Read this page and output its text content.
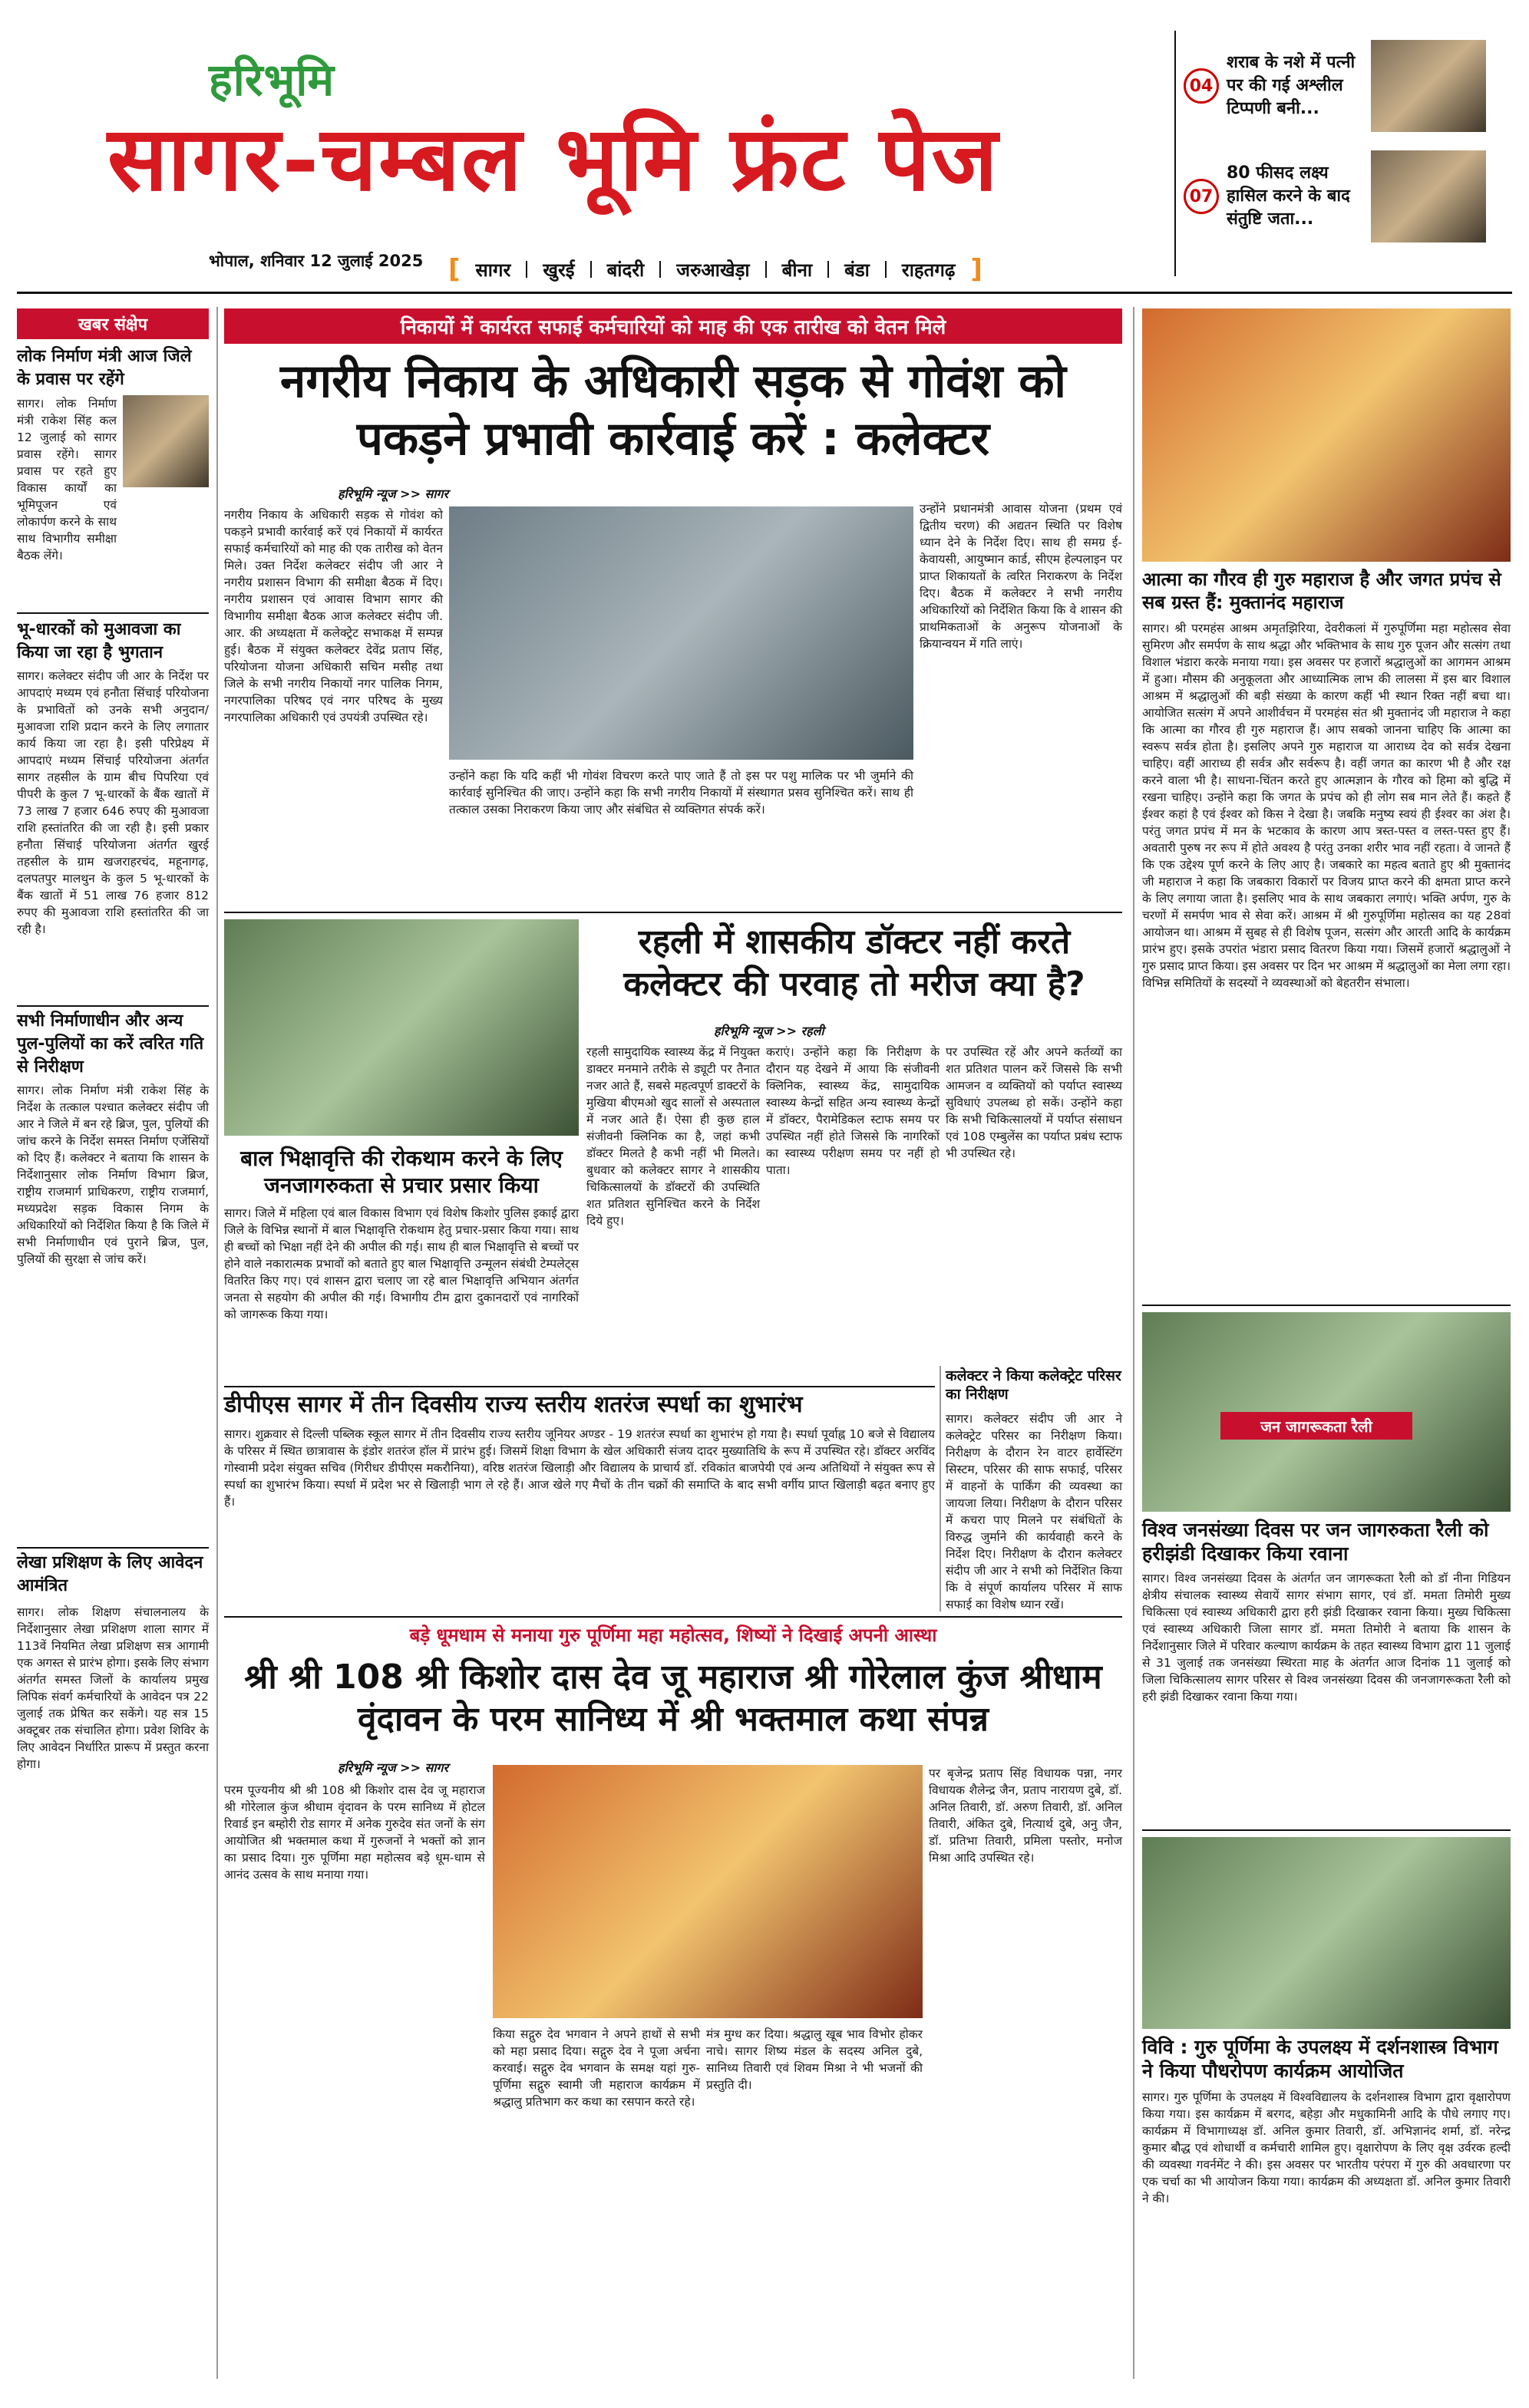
हरिभूमि
सागर-चम्बल भूमि फ्रंट पेज
भोपाल, शनिवार 12 जुलाई 2025 [ सागर खुरई बांदरी जरुआखेड़ा बीना बंडा राहतगढ़ ]
04
शराब के नशे में पत्नी पर की गई अश्लील टिप्पणी बनी...
07
80 फीसद लक्ष्य हासिल करने के बाद संतुष्टि जता...
खबर संक्षेप
लोक निर्माण मंत्री आज जिले के प्रवास पर रहेंगे
सागर। लोक निर्माण मंत्री राकेश सिंह कल 12 जुलाई को सागर प्रवास रहेंगे। सागर प्रवास पर रहते हुए विकास कार्यों का भूमिपूजन एवं लोकार्पण करने के साथ साथ विभागीय समीक्षा बैठक लेंगे।
भू-धारकों को मुआवजा का किया जा रहा है भुगतान
सागर। कलेक्टर संदीप जी आर के निर्देश पर आपदाएं मध्यम एवं हनौता सिंचाई परियोजना के प्रभावितों को उनके सभी अनुदान/मुआवजा राशि प्रदान करने के लिए लगातार कार्य किया जा रहा है। इसी परिप्रेक्ष्य में आपदाएं मध्यम सिंचाई परियोजना अंतर्गत सागर तहसील के ग्राम बीच पिपरिया एवं पीपरी के कुल 7 भू-धारकों के बैंक खातों में 73 लाख 7 हजार 646 रुपए की मुआवजा राशि हस्तांतरित की जा रही है। इसी प्रकार हनौता सिंचाई परियोजना अंतर्गत खुरई तहसील के ग्राम खजराहरचंद, महूनागढ़, दलपतपुर मालथुन के कुल 5 भू-धारकों के बैंक खातों में 51 लाख 76 हजार 812 रुपए की मुआवजा राशि हस्तांतरित की जा रही है।
सभी निर्माणाधीन और अन्य पुल-पुलियों का करें त्वरित गति से निरीक्षण
सागर। लोक निर्माण मंत्री राकेश सिंह के निर्देश के तत्काल पश्चात कलेक्टर संदीप जी आर ने जिले में बन रहे ब्रिज, पुल, पुलियों की जांच करने के निर्देश समस्त निर्माण एजेंसियों को दिए हैं। कलेक्टर ने बताया कि शासन के निर्देशानुसार लोक निर्माण विभाग ब्रिज, राष्ट्रीय राजमार्ग प्राधिकरण, राष्ट्रीय राजमार्ग, मध्यप्रदेश सड़क विकास निगम के अधिकारियों को निर्देशित किया है कि जिले में सभी निर्माणाधीन एवं पुराने ब्रिज, पुल, पुलियों की सुरक्षा से जांच करें।
लेखा प्रशिक्षण के लिए आवेदन आमंत्रित
सागर। लोक शिक्षण संचालनालय के निर्देशानुसार लेखा प्रशिक्षण शाला सागर में 113वें नियमित लेखा प्रशिक्षण सत्र आगामी एक अगस्त से प्रारंभ होगा। इसके लिए संभाग अंतर्गत समस्त जिलों के कार्यालय प्रमुख लिपिक संवर्ग कर्मचारियों के आवेदन पत्र 22 जुलाई तक प्रेषित कर सकेंगे। यह सत्र 15 अक्टूबर तक संचालित होगा। प्रवेश शिविर के लिए आवेदन निर्धारित प्रारूप में प्रस्तुत करना होगा।
निकायों में कार्यरत सफाई कर्मचारियों को माह की एक तारीख को वेतन मिले
नगरीय निकाय के अधिकारी सड़क से गोवंश को पकड़ने प्रभावी कार्रवाई करें : कलेक्टर
हरिभूमि न्यूज >> सागर
नगरीय निकाय के अधिकारी सड़क से गोवंश को पकड़ने प्रभावी कार्रवाई करें एवं निकायों में कार्यरत सफाई कर्मचारियों को माह की एक तारीख को वेतन मिले। उक्त निर्देश कलेक्टर संदीप जी आर ने नगरीय प्रशासन विभाग की समीक्षा बैठक में दिए। नगरीय प्रशासन एवं आवास विभाग सागर की विभागीय समीक्षा बैठक आज कलेक्टर संदीप जी. आर. की अध्यक्षता में कलेक्ट्रेट सभाकक्ष में सम्पन्न हुई। बैठक में संयुक्त कलेक्टर देवेंद्र प्रताप सिंह, परियोजना योजना अधिकारी सचिन मसीह तथा जिले के सभी नगरीय निकायों नगर पालिक निगम, नगरपालिका परिषद एवं नगर परिषद के मुख्य नगरपालिका अधिकारी एवं उपयंत्री उपस्थित रहे।
उन्होंने कहा कि यदि कहीं भी गोवंश विचरण करते पाए जाते हैं तो इस पर पशु मालिक पर भी जुर्माने की कार्रवाई सुनिश्चित की जाए। उन्होंने कहा कि सभी नगरीय निकायों में संस्थागत प्रसव सुनिश्चित करें। साथ ही तत्काल उसका निराकरण किया जाए और संबंधित से व्यक्तिगत संपर्क करें।
उन्होंने प्रधानमंत्री आवास योजना (प्रथम एवं द्वितीय चरण) की अद्यतन स्थिति पर विशेष ध्यान देने के निर्देश दिए। साथ ही समग्र ई-केवायसी, आयुष्मान कार्ड, सीएम हेल्पलाइन पर प्राप्त शिकायतों के त्वरित निराकरण के निर्देश दिए। बैठक में कलेक्टर ने सभी नगरीय अधिकारियों को निर्देशित किया कि वे शासन की प्राथमिकताओं के अनुरूप योजनाओं के क्रियान्वयन में गति लाएं।
आत्मा का गौरव ही गुरु महाराज है और जगत प्रपंच से सब ग्रस्त हैं: मुक्तानंद महाराज
सागर। श्री परमहंस आश्रम अमृतझिरिया, देवरीकलां में गुरुपूर्णिमा महा महोत्सव सेवा सुमिरण और समर्पण के साथ श्रद्धा और भक्तिभाव के साथ गुरु पूजन और सत्संग तथा विशाल भंडारा करके मनाया गया। इस अवसर पर हजारों श्रद्धालुओं का आगमन आश्रम में हुआ। मौसम की अनुकूलता और आध्यात्मिक लाभ की लालसा में इस बार विशाल आश्रम में श्रद्धालुओं की बड़ी संख्या के कारण कहीं भी स्थान रिक्त नहीं बचा था। आयोजित सत्संग में अपने आशीर्वचन में परमहंस संत श्री मुक्तानंद जी महाराज ने कहा कि आत्मा का गौरव ही गुरु महाराज हैं। आप सबको जानना चाहिए कि आत्मा का स्वरूप सर्वत्र होता है। इसलिए अपने गुरु महाराज या आराध्य देव को सर्वत्र देखना चाहिए। वहीं आराध्य ही सर्वत्र और सर्वरूप है। वहीं जगत का कारण भी है और रक्ष करने वाला भी है। साधना-चिंतन करते हुए आत्मज्ञान के गौरव को हिमा को बुद्धि में रखना चाहिए। उन्होंने कहा कि जगत के प्रपंच को ही लोग सब मान लेते हैं। कहते हैं ईश्वर कहां है एवं ईश्वर को किस ने देखा है। जबकि मनुष्य स्वयं ही ईश्वर का अंश है। परंतु जगत प्रपंच में मन के भटकाव के कारण आप त्रस्त-पस्त व लस्त-पस्त हुए हैं। अवतारी पुरुष नर रूप में होते अवश्य है परंतु उनका शरीर भाव नहीं रहता। वे जानते हैं कि एक उद्देश्य पूर्ण करने के लिए आए है। जबकारे का महत्व बताते हुए श्री मुक्तानंद जी महाराज ने कहा कि जबकारा विकारों पर विजय प्राप्त करने की क्षमता प्राप्त करने के लिए लगाया जाता है। इसलिए भाव के साथ जबकारा लगाएं। भक्ति अर्पण, गुरु के चरणों में समर्पण भाव से सेवा करें। आश्रम में श्री गुरुपूर्णिमा महोत्सव का यह 28वां आयोजन था। आश्रम में सुबह से ही विशेष पूजन, सत्संग और आरती आदि के कार्यक्रम प्रारंभ हुए। इसके उपरांत भंडारा प्रसाद वितरण किया गया। जिसमें हजारों श्रद्धालुओं ने गुरु प्रसाद प्राप्त किया। इस अवसर पर दिन भर आश्रम में श्रद्धालुओं का मेला लगा रहा। विभिन्न समितियों के सदस्यों ने व्यवस्थाओं को बेहतरीन संभाला।
बाल भिक्षावृत्ति की रोकथाम करने के लिए जनजागरुकता से प्रचार प्रसार किया
सागर। जिले में महिला एवं बाल विकास विभाग एवं विशेष किशोर पुलिस इकाई द्वारा जिले के विभिन्न स्थानों में बाल भिक्षावृत्ति रोकथाम हेतु प्रचार-प्रसार किया गया। साथ ही बच्चों को भिक्षा नहीं देने की अपील की गई। साथ ही बाल भिक्षावृत्ति से बच्चों पर होने वाले नकारात्मक प्रभावों को बताते हुए बाल भिक्षावृत्ति उन्मूलन संबंधी टेम्पलेट्स वितरित किए गए। एवं शासन द्वारा चलाए जा रहे बाल भिक्षावृत्ति अभियान अंतर्गत जनता से सहयोग की अपील की गई। विभागीय टीम द्वारा दुकानदारों एवं नागरिकों को जागरूक किया गया।
रहली में शासकीय डॉक्टर नहीं करते कलेक्टर की परवाह तो मरीज क्या है?
हरिभूमि न्यूज >> रहली
रहली सामुदायिक स्वास्थ्य केंद्र में नियुक्त डाक्टर मनमाने तरीके से ड्यूटी पर तैनात नजर आते हैं, सबसे महत्वपूर्ण डाक्टरों के मुखिया बीएमओ खुद सालों से अस्पताल में नजर आते हैं। ऐसा ही कुछ हाल संजीवनी क्लिनिक का है, जहां कभी डॉक्टर मिलते है कभी नहीं भी मिलते। बुधवार को कलेक्टर सागर ने शासकीय चिकित्सालयों के डॉक्टरों की उपस्थिति शत प्रतिशत सुनिश्चित करने के निर्देश दिये हुए।
कराएं। उन्होंने कहा कि निरीक्षण के दौरान यह देखने में आया कि संजीवनी क्लिनिक, स्वास्थ्य केंद्र, सामुदायिक स्वास्थ्य केन्द्रों सहित अन्य स्वास्थ्य केन्द्रों में डॉक्टर, पैरामेडिकल स्टाफ समय पर उपस्थित नहीं होते जिससे कि नागरिकों का स्वास्थ्य परीक्षण समय पर नहीं हो पाता।
पर उपस्थित रहें और अपने कर्तव्यों का शत प्रतिशत पालन करें जिससे कि सभी आमजन व व्यक्तियों को पर्याप्त स्वास्थ्य सुविधाएं उपलब्ध हो सकें। उन्होंने कहा कि सभी चिकित्सालयों में पर्याप्त संसाधन एवं 108 एम्बुलेंस का पर्याप्त प्रबंध स्टाफ भी उपस्थित रहे।
डीपीएस सागर में तीन दिवसीय राज्य स्तरीय शतरंज स्पर्धा का शुभारंभ
सागर। शुक्रवार से दिल्ली पब्लिक स्कूल सागर में तीन दिवसीय राज्य स्तरीय जूनियर अण्डर - 19 शतरंज स्पर्धा का शुभारंभ हो गया है। स्पर्धा पूर्वाह्न 10 बजे से विद्यालय के परिसर में स्थित छात्रावास के इंडोर शतरंज हॉल में प्रारंभ हुई। जिसमें शिक्षा विभाग के खेल अधिकारी संजय दादर मुख्यातिथि के रूप में उपस्थित रहे। डॉक्टर अरविंद गोस्वामी प्रदेश संयुक्त सचिव (गिरीधर डीपीएस मकरौनिया), वरिष्ठ शतरंज खिलाड़ी और विद्यालय के प्राचार्य डॉ. रविकांत बाजपेयी एवं अन्य अतिथियों ने संयुक्त रूप से स्पर्धा का शुभारंभ किया। स्पर्धा में प्रदेश भर से खिलाड़ी भाग ले रहे हैं। आज खेले गए मैचों के तीन चक्रों की समाप्ति के बाद सभी वर्गीय प्राप्त खिलाड़ी बढ़त बनाए हुए हैं।
कलेक्टर ने किया कलेक्ट्रेट परिसर का निरीक्षण
सागर। कलेक्टर संदीप जी आर ने कलेक्ट्रेट परिसर का निरीक्षण किया। निरीक्षण के दौरान रेन वाटर हार्वेस्टिंग सिस्टम, परिसर की साफ सफाई, परिसर में वाहनों के पार्किंग की व्यवस्था का जायजा लिया। निरीक्षण के दौरान परिसर में कचरा पाए मिलने पर संबंधितों के विरुद्ध जुर्माने की कार्यवाही करने के निर्देश दिए। निरीक्षण के दौरान कलेक्टर संदीप जी आर ने सभी को निर्देशित किया कि वे संपूर्ण कार्यालय परिसर में साफ सफाई का विशेष ध्यान रखें।
जन जागरूकता रैली
विश्व जनसंख्या दिवस पर जन जागरुकता रैली को हरीझंडी दिखाकर किया रवाना
सागर। विश्व जनसंख्या दिवस के अंतर्गत जन जागरूकता रैली को डॉ नीना गिडियन क्षेत्रीय संचालक स्वास्थ्य सेवायें सागर संभाग सागर, एवं डॉ. ममता तिमोरी मुख्य चिकित्सा एवं स्वास्थ्य अधिकारी द्वारा हरी झंडी दिखाकर रवाना किया। मुख्य चिकित्सा एवं स्वास्थ्य अधिकारी जिला सागर डॉ. ममता तिमोरी ने बताया कि शासन के निर्देशानुसार जिले में परिवार कल्याण कार्यक्रम के तहत स्वास्थ्य विभाग द्वारा 11 जुलाई से 31 जुलाई तक जनसंख्या स्थिरता माह के अंतर्गत आज दिनांक 11 जुलाई को जिला चिकित्सालय सागर परिसर से विश्व जनसंख्या दिवस की जनजागरूकता रैली को हरी झंडी दिखाकर रवाना किया गया।
बड़े धूमधाम से मनाया गुरु पूर्णिमा महा महोत्सव, शिष्यों ने दिखाई अपनी आस्था
श्री श्री 108 श्री किशोर दास देव जू महाराज श्री गोरेलाल कुंज श्रीधाम वृंदावन के परम सानिध्य में श्री भक्तमाल कथा संपन्न
हरिभूमि न्यूज >> सागर
परम पूज्यनीय श्री श्री 108 श्री किशोर दास देव जू महाराज श्री गोरेलाल कुंज श्रीधाम वृंदावन के परम सानिध्य में होटल रिवार्ड इन बम्होरी रोड सागर में अनेक गुरुदेव संत जनों के संग आयोजित श्री भक्तमाल कथा में गुरुजनों ने भक्तों को ज्ञान का प्रसाद दिया। गुरु पूर्णिमा महा महोत्सव बड़े धूम-धाम से आनंद उत्सव के साथ मनाया गया।
किया सद्गुरु देव भगवान ने अपने हाथों से सभी को महा प्रसाद दिया। सद्गुरु देव ने पूजा अर्चना करवाई। सद्गुरु देव भगवान के समक्ष यहां गुरु-पूर्णिमा सद्गुरु स्वामी जी महाराज कार्यक्रम में श्रद्धालु प्रतिभाग कर कथा का रसपान करते रहे।
मंत्र मुग्ध कर दिया। श्रद्धालु खूब भाव विभोर होकर नाचे। सागर शिष्य मंडल के सदस्य अनिल दुबे, सानिध्य तिवारी एवं शिवम मिश्रा ने भी भजनों की प्रस्तुति दी।
पर बृजेन्द्र प्रताप सिंह विधायक पन्ना, नगर विधायक शैलेन्द्र जैन, प्रताप नारायण दुबे, डॉ. अनिल तिवारी, डॉ. अरुण तिवारी, डॉ. अनिल तिवारी, अंकित दुबे, नित्यार्थ दुबे, अनु जैन, डॉ. प्रतिभा तिवारी, प्रमिला पस्तोर, मनोज मिश्रा आदि उपस्थित रहे।
विवि : गुरु पूर्णिमा के उपलक्ष्य में दर्शनशास्त्र विभाग ने किया पौधरोपण कार्यक्रम आयोजित
सागर। गुरु पूर्णिमा के उपलक्ष्य में विश्वविद्यालय के दर्शनशास्त्र विभाग द्वारा वृक्षारोपण किया गया। इस कार्यक्रम में बरगद, बहेड़ा और मधुकामिनी आदि के पौधे लगाए गए। कार्यक्रम में विभागाध्यक्ष डॉ. अनिल कुमार तिवारी, डॉ. अभिज्ञानंद शर्मा, डॉ. नरेन्द्र कुमार बौद्ध एवं शोधार्थी व कर्मचारी शामिल हुए। वृक्षारोपण के लिए वृक्ष उर्वरक हल्दी की व्यवस्था गवर्नमेंट ने की। इस अवसर पर भारतीय परंपरा में गुरु की अवधारणा पर एक चर्चा का भी आयोजन किया गया। कार्यक्रम की अध्यक्षता डॉ. अनिल कुमार तिवारी ने की।
